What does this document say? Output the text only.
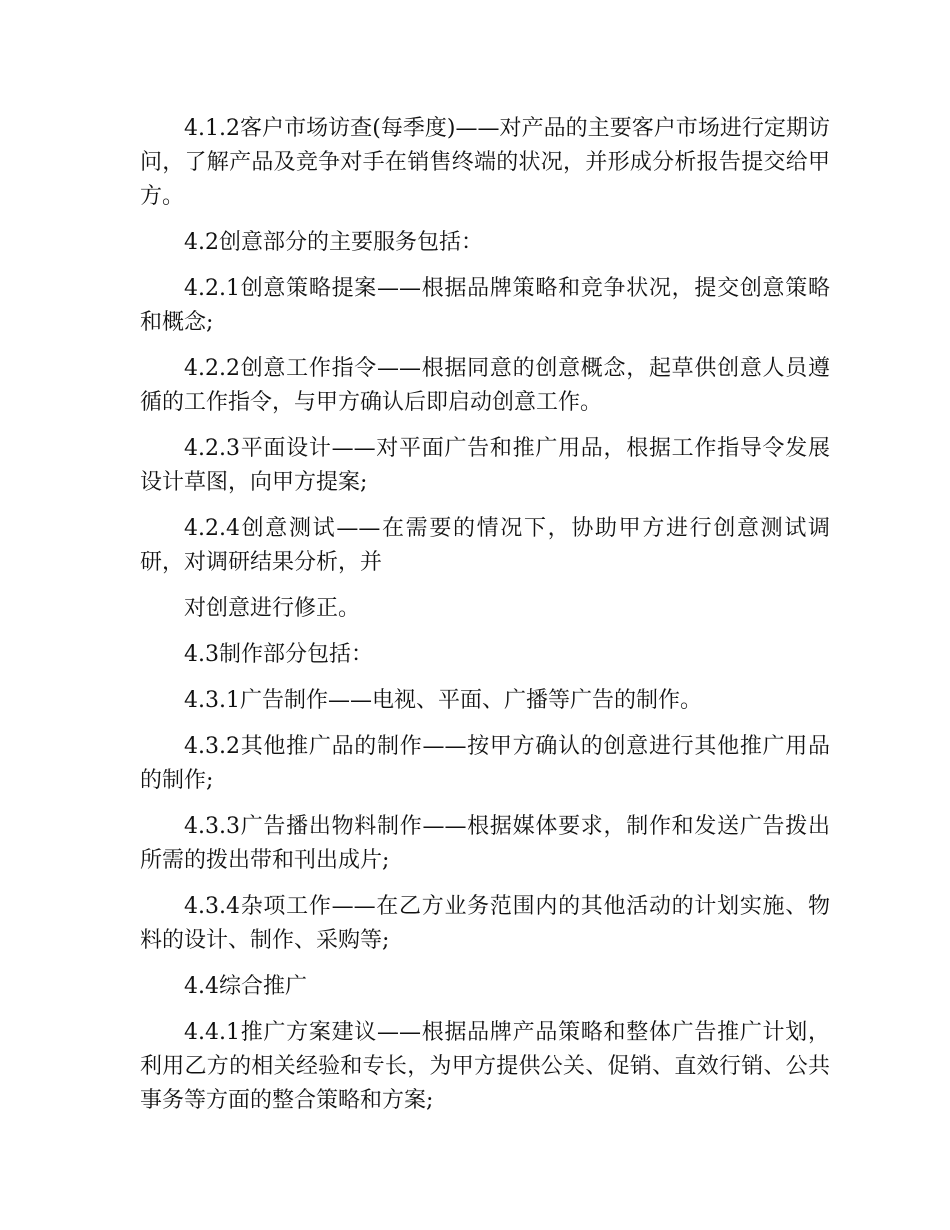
4.1.2客户市场访查(每季度)——对产品的主要客户市场进行定期访问，了解产品及竞争对手在销售终端的状况，并形成分析报告提交给甲方。

4.2创意部分的主要服务包括：

4.2.1创意策略提案——根据品牌策略和竞争状况，提交创意策略和概念;

4.2.2创意工作指令——根据同意的创意概念，起草供创意人员遵循的工作指令，与甲方确认后即启动创意工作。

4.2.3平面设计——对平面广告和推广用品，根据工作指导令发展设计草图，向甲方提案;

4.2.4创意测试——在需要的情况下，协助甲方进行创意测试调研，对调研结果分析，并

对创意进行修正。

4.3制作部分包括：

4.3.1广告制作——电视、平面、广播等广告的制作。

4.3.2其他推广品的制作——按甲方确认的创意进行其他推广用品的制作;

4.3.3广告播出物料制作——根据媒体要求，制作和发送广告拨出所需的拨出带和刊出成片;

4.3.4杂项工作——在乙方业务范围内的其他活动的计划实施、物料的设计、制作、采购等;

4.4综合推广

4.4.1推广方案建议——根据品牌产品策略和整体广告推广计划，利用乙方的相关经验和专长，为甲方提供公关、促销、直效行销、公共事务等方面的整合策略和方案;
